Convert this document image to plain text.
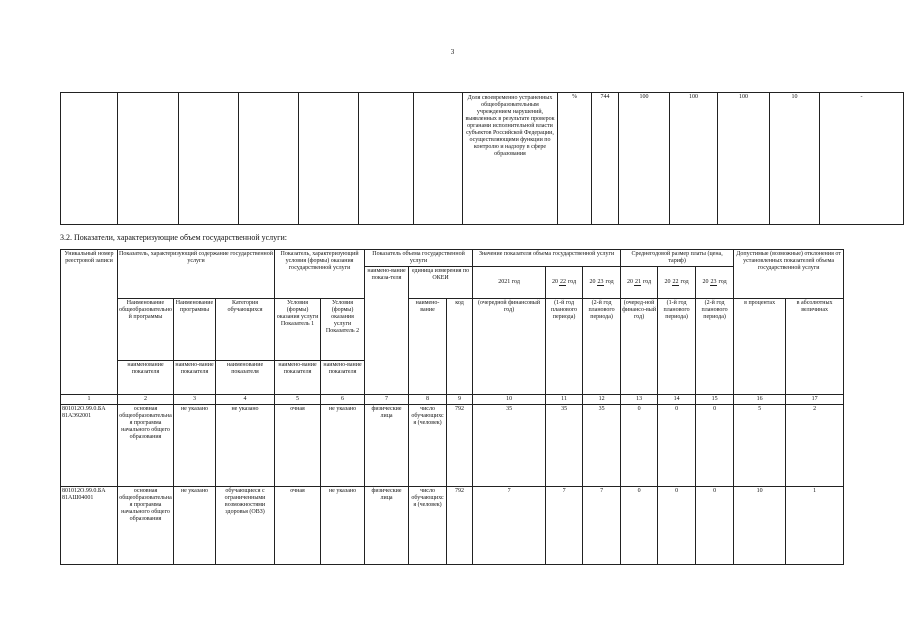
3
							Доля своевременно устраненных общеобразовательным учреждением нарушений, выявленных в результате проверок органами исполнительной власти субъектов Российской Федерации, осуществляющими функции по контролю и надзору в сфере образования	%	744	100	100	100	10	-
3.2. Показатели, характеризующие объем государственной услуги:
Уникальный номер реестровой записи	Показатель, характеризующий содержание государственной услуги			Показатель, характеризующий условия (формы) оказания государственной услуги		Показатель объема государственной услуги			Значение показателя объема государственной услуги			Среднегодовой размер платы (цена, тариф)			Допустимые (возможные) отклонения от установленных показателей объема государственной услуги	
						наимено-вание показа-теля	единица измерения по ОКЕИ		2021 год	20 22 год	20 23 год	20 21 год	20 22 год	20 23 год		
	Наименование общеобразовательной программы	Наименование программы	Категория обучающихся	Условия (формы) оказания услуги Показатель 1	Условия (формы) оказания услуги Показатель 2		наимено-вание	код	(очередной финансовый год)	(1-й год планового периода)	(2-й год планового периода)	(очеред-ной финансо-вый год)	(1-й год планового периода)	(2-й год планового периода)	в процентах	в абсолютных величинах
	наименование показателя	наимено-вание показателя	наименование показателя	наимено-вание показателя	наимено-вание показателя											
1	2	3	4	5	6	7	8	9	10	11	12	13	14	15	16	17
801012О.99.0.БА 81АЭ92001	основная общеобразовательная программа начального общего образования	не указано	не указано	очная	не указано	физические лица	число обучающихся (человек)	792	35	35	35	0	0	0	5	2
801012О.99.0.БА 81АШ04001	основная общеобразовательная программа начального общего образования	не указано	обучающиеся с ограниченными возможностями здоровья (ОВЗ)	очная	не указано	физические лица	число обучающихся (человек)	792	7	7	7	0	0	0	10	1
